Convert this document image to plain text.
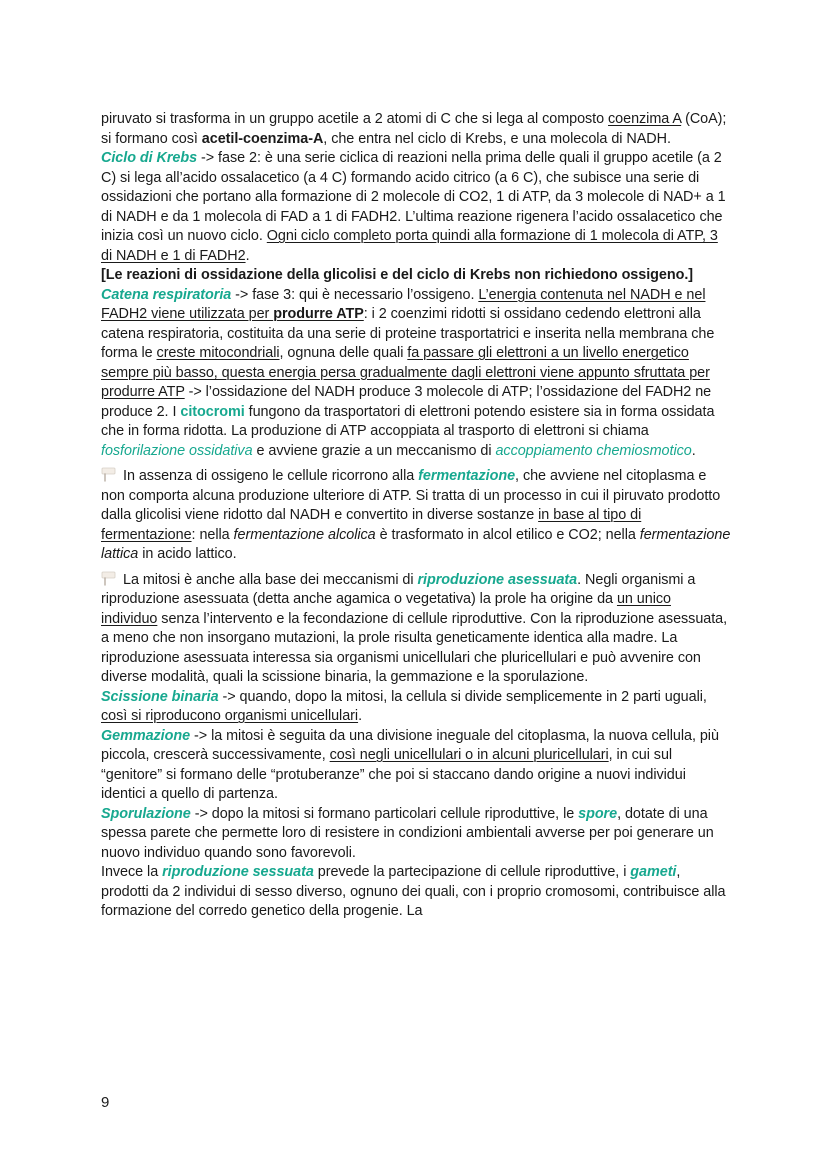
piruvato si trasforma in un gruppo acetile a 2 atomi di C che si lega al composto coenzima A (CoA); si formano così acetil-coenzima-A, che entra nel ciclo di Krebs, e una molecola di NADH.

Ciclo di Krebs -> fase 2: è una serie ciclica di reazioni nella prima delle quali il gruppo acetile (a 2 C) si lega all’acido ossalacetico (a 4 C) formando acido citrico (a 6 C), che subisce una serie di ossidazioni che portano alla formazione di 2 molecole di CO2, 1 di ATP, da 3 molecole di NAD+ a 1 di NADH e da 1 molecola di FAD a 1 di FADH2. L’ultima reazione rigenera l’acido ossalacetico che inizia così un nuovo ciclo. Ogni ciclo completo porta quindi alla formazione di 1 molecola di ATP, 3 di NADH e 1 di FADH2.

[Le reazioni di ossidazione della glicolisi e del ciclo di Krebs non richiedono ossigeno.]

Catena respiratoria -> fase 3: qui è necessario l’ossigeno. L’energia contenuta nel NADH e nel FADH2 viene utilizzata per produrre ATP: i 2 coenzimi ridotti si ossidano cedendo elettroni alla catena respiratoria, costituita da una serie di proteine trasportatrici e inserita nella membrana che forma le creste mitocondriali, ognuna delle quali fa passare gli elettroni a un livello energetico sempre più basso, questa energia persa gradualmente dagli elettroni viene appunto sfruttata per produrre ATP -> l’ossidazione del NADH produce 3 molecole di ATP; l’ossidazione del FADH2 ne produce 2. I citocromi fungono da trasportatori di elettroni potendo esistere sia in forma ossidata che in forma ridotta. La produzione di ATP accoppiata al trasporto di elettroni si chiama fosforilazione ossidativa e avviene grazie a un meccanismo di accoppiamento chemiosmotico.

In assenza di ossigeno le cellule ricorrono alla fermentazione, che avviene nel citoplasma e non comporta alcuna produzione ulteriore di ATP. Si tratta di un processo in cui il piruvato prodotto dalla glicolisi viene ridotto dal NADH e convertito in diverse sostanze in base al tipo di fermentazione: nella fermentazione alcolica è trasformato in alcol etilico e CO2; nella fermentazione lattica in acido lattico.

La mitosi è anche alla base dei meccanismi di riproduzione asessuata. Negli organismi a riproduzione asessuata (detta anche agamica o vegetativa) la prole ha origine da un unico individuo senza l’intervento e la fecondazione di cellule riproduttive. Con la riproduzione asessuata, a meno che non insorgano mutazioni, la prole risulta geneticamente identica alla madre. La riproduzione asessuata interessa sia organismi unicellulari che pluricellulari e può avvenire con diverse modalità, quali la scissione binaria, la gemmazione e la sporulazione.

Scissione binaria -> quando, dopo la mitosi, la cellula si divide semplicemente in 2 parti uguali, così si riproducono organismi unicellulari.

Gemmazione -> la mitosi è seguita da una divisione ineguale del citoplasma, la nuova cellula, più piccola, crescerà successivamente, così negli unicellulari o in alcuni pluricellulari, in cui sul “genitore” si formano delle “protuberanze” che poi si staccano dando origine a nuovi individui identici a quello di partenza.

Sporulazione -> dopo la mitosi si formano particolari cellule riproduttive, le spore, dotate di una spessa parete che permette loro di resistere in condizioni ambientali avverse per poi generare un nuovo individuo quando sono favorevoli.

Invece la riproduzione sessuata prevede la partecipazione di cellule riproduttive, i gameti, prodotti da 2 individui di sesso diverso, ognuno dei quali, con i proprio cromosomi, contribuisce alla formazione del corredo genetico della progenie. La

9
